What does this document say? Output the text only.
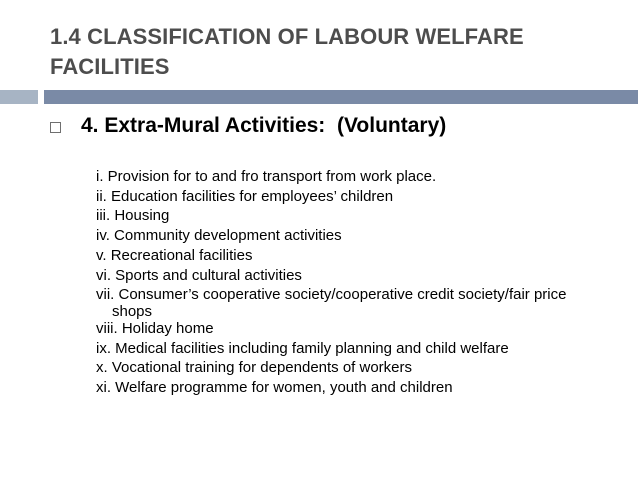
1.4 CLASSIFICATION OF LABOUR WELFARE FACILITIES
4. Extra-Mural Activities:  (Voluntary)
i. Provision for to and fro transport from work place.
ii. Education facilities for employees’ children
iii. Housing
iv. Community development activities
v. Recreational facilities
vi. Sports and cultural activities
vii. Consumer’s cooperative society/cooperative credit society/fair price
shops
viii. Holiday home
ix. Medical facilities including family planning and child welfare
x. Vocational training for dependents of workers
xi. Welfare programme for women, youth and children
